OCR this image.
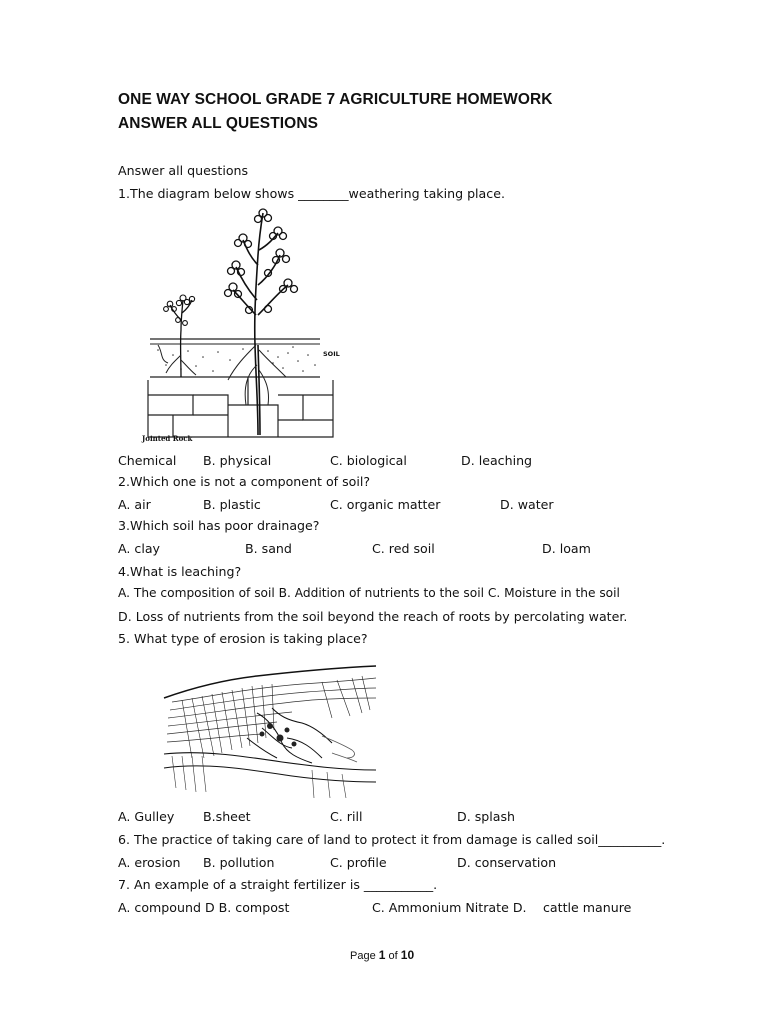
ONE WAY SCHOOL GRADE 7 AGRICULTURE HOMEWORK
ANSWER ALL QUESTIONS
Answer all questions
1.The diagram below shows ________weathering taking place.
SOIL
Jointed Rock
Chemical B. physical	C. biological	D. leaching
2.Which one is not a component of soil?
A. air	B. plastic	C. organic matter	D. water
3.Which soil has poor drainage?
A. clay	B. sand	C. red soil	D. loam
4.What is leaching?
A. The composition of soil B. Addition of nutrients to the soil C. Moisture in the soil
D. Loss of nutrients from the soil beyond the reach of roots by percolating water.
5. What type of erosion is taking place?
A. Gulley B.sheet	C. rill	D. splash
6. The practice of taking care of land to protect it from damage is called soil__________.
A. erosion B. pollution	C. profile	D. conservation
7. An example of a straight fertilizer is ___________.
A. compound D B. compost	C. Ammonium Nitrate D. cattle manure
Page 1 of 10
